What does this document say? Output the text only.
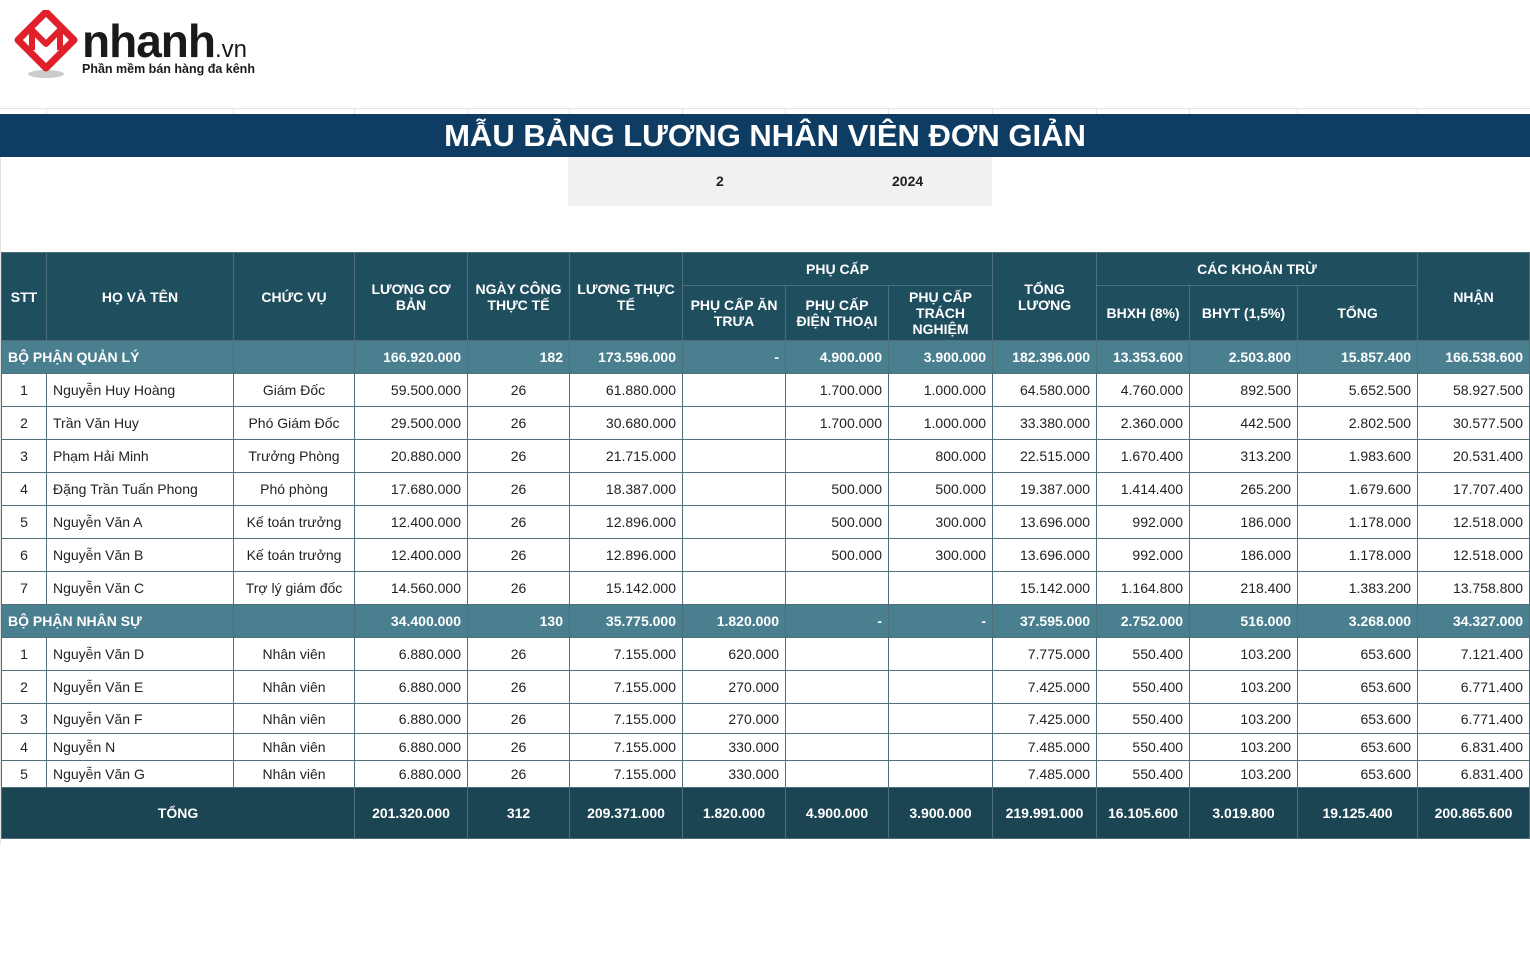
nhanh.vn
Phần mềm bán hàng đa kênh
MẪU BẢNG LƯƠNG NHÂN VIÊN ĐƠN GIẢN
2	2024
STT	HỌ VÀ TÊN	CHỨC VỤ	LƯƠNG CƠ BẢN	NGÀY CÔNG THỰC TẾ	LƯƠNG THỰC TẾ	PHỤ CẤP			TỔNG LƯƠNG	CÁC KHOẢN TRỪ			NHẬN
						PHỤ CẤP ĂN TRƯA	PHỤ CẤP ĐIỆN THOẠI	PHỤ CẤP TRÁCH NGHIỆM		BHXH (8%)	BHYT (1,5%)	TỔNG	
BỘ PHẬN QUẢN LÝ			166.920.000	182	173.596.000	-	4.900.000	3.900.000	182.396.000	13.353.600	2.503.800	15.857.400	166.538.600
1	Nguyễn Huy Hoàng	Giám Đốc	59.500.000	26	61.880.000		1.700.000	1.000.000	64.580.000	4.760.000	892.500	5.652.500	58.927.500
2	Trần Văn Huy	Phó Giám Đốc	29.500.000	26	30.680.000		1.700.000	1.000.000	33.380.000	2.360.000	442.500	2.802.500	30.577.500
3	Phạm Hải Minh	Trưởng Phòng	20.880.000	26	21.715.000			800.000	22.515.000	1.670.400	313.200	1.983.600	20.531.400
4	Đặng Trần Tuấn Phong	Phó phòng	17.680.000	26	18.387.000		500.000	500.000	19.387.000	1.414.400	265.200	1.679.600	17.707.400
5	Nguyễn Văn A	Kế toán trưởng	12.400.000	26	12.896.000		500.000	300.000	13.696.000	992.000	186.000	1.178.000	12.518.000
6	Nguyễn Văn B	Kế toán trưởng	12.400.000	26	12.896.000		500.000	300.000	13.696.000	992.000	186.000	1.178.000	12.518.000
7	Nguyễn Văn C	Trợ lý giám đốc	14.560.000	26	15.142.000				15.142.000	1.164.800	218.400	1.383.200	13.758.800
BỘ PHẬN NHÂN SỰ			34.400.000	130	35.775.000	1.820.000	-	-	37.595.000	2.752.000	516.000	3.268.000	34.327.000
1	Nguyễn Văn D	Nhân viên	6.880.000	26	7.155.000	620.000			7.775.000	550.400	103.200	653.600	7.121.400
2	Nguyễn Văn E	Nhân viên	6.880.000	26	7.155.000	270.000			7.425.000	550.400	103.200	653.600	6.771.400
3	Nguyễn Văn F	Nhân viên	6.880.000	26	7.155.000	270.000			7.425.000	550.400	103.200	653.600	6.771.400
4	Nguyễn N	Nhân viên	6.880.000	26	7.155.000	330.000			7.485.000	550.400	103.200	653.600	6.831.400
5	Nguyễn Văn G	Nhân viên	6.880.000	26	7.155.000	330.000			7.485.000	550.400	103.200	653.600	6.831.400
TỔNG			201.320.000	312	209.371.000	1.820.000	4.900.000	3.900.000	219.991.000	16.105.600	3.019.800	19.125.400	200.865.600
